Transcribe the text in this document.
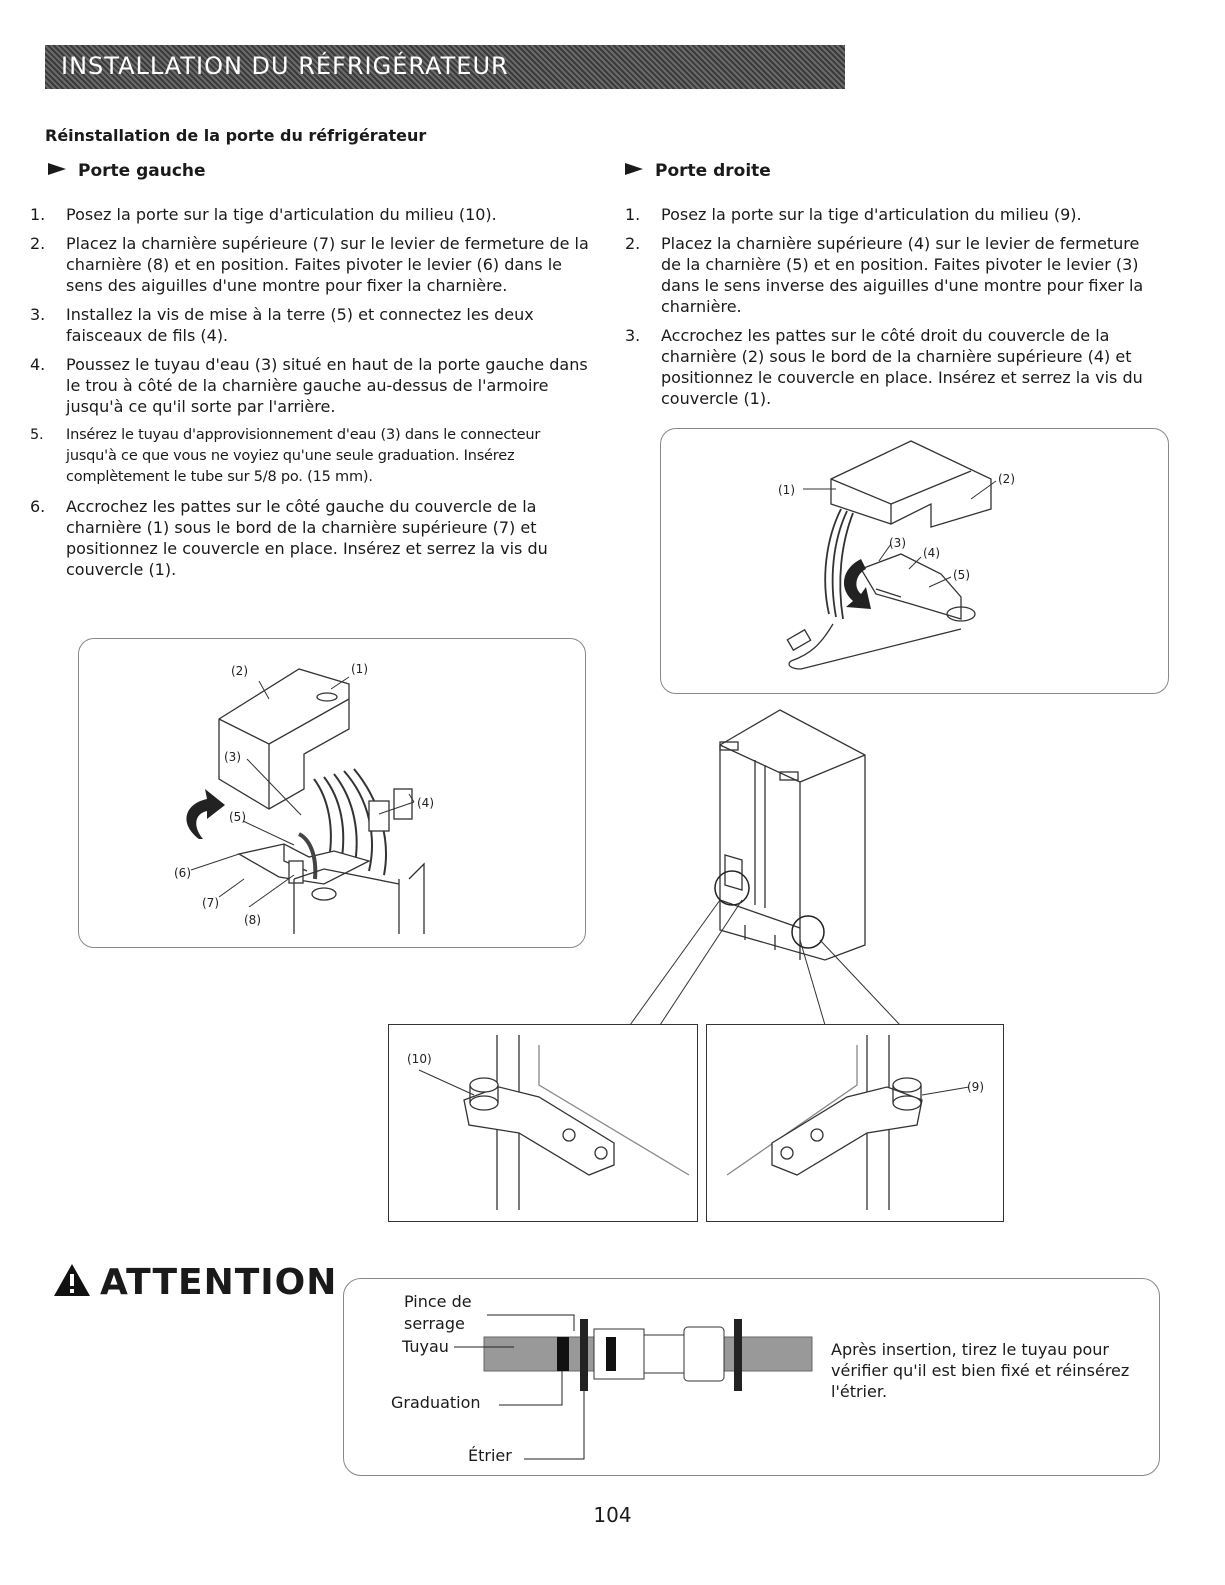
INSTALLATION DU RÉFRIGÉRATEUR
Réinstallation de la porte du réfrigérateur
Porte gauche	Porte droite
1. Posez la porte sur la tige d'articulation du milieu (10).
2. Placez la charnière supérieure (7) sur le levier de fermeture de la charnière (8) et en position. Faites pivoter le levier (6) dans le sens des aiguilles d'une montre pour fixer la charnière.
3. Installez la vis de mise à la terre (5) et connectez les deux faisceaux de fils (4).
4. Poussez le tuyau d'eau (3) situé en haut de la porte gauche dans le trou à côté de la charnière gauche au-dessus de l'armoire jusqu'à ce qu'il sorte par l'arrière.
5. Insérez le tuyau d'approvisionnement d'eau (3) dans le connecteur jusqu'à ce que vous ne voyiez qu'une seule graduation. Insérez complètement le tube sur 5/8 po. (15 mm).
6. Accrochez les pattes sur le côté gauche du couvercle de la charnière (1) sous le bord de la charnière supérieure (7) et positionnez le couvercle en place. Insérez et serrez la vis du couvercle (1).
1. Posez la porte sur la tige d'articulation du milieu (9).
2. Placez la charnière supérieure (4) sur le levier de fermeture de la charnière (5) et en position. Faites pivoter le levier (3) dans le sens inverse des aiguilles d'une montre pour fixer la charnière.
3. Accrochez les pattes sur le côté droit du couvercle de la charnière (2) sous le bord de la charnière supérieure (4) et positionnez le couvercle en place. Insérez et serrez la vis du couvercle (1).
(2)	(1)
(3)
(4)
(5)
(6)
(7)
(8)
(1)
(2)
(3)
(4)
(5)
(10)
(9)
ATTENTION	Pince de serrage
Tuyau
Graduation
Étrier
Après insertion, tirez le tuyau pour vérifier qu'il est bien fixé et réinsérez l'étrier.
104
